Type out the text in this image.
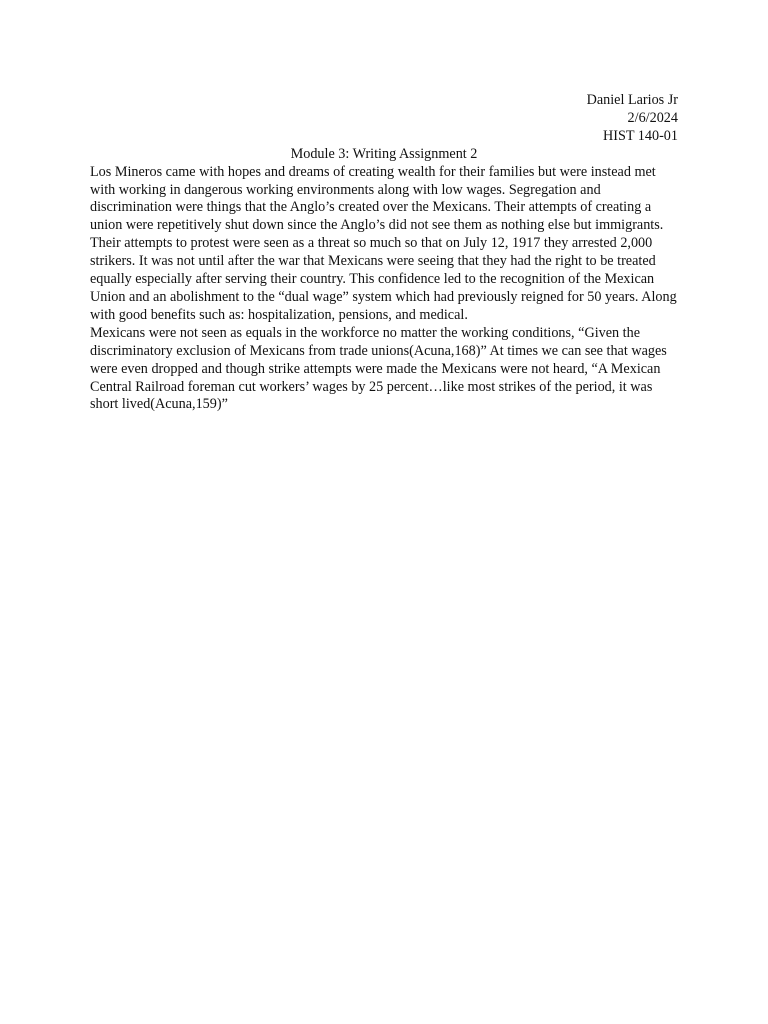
Daniel Larios Jr
2/6/2024
HIST 140-01
Module 3: Writing Assignment 2

Los Mineros came with hopes and dreams of creating wealth for their families but were instead met with working in dangerous working environments along with low wages. Segregation and discrimination were things that the Anglo’s created over the Mexicans. Their attempts of creating a union were repetitively shut down since the Anglo’s did not see them as nothing else but immigrants. Their attempts to protest were seen as a threat so much so that on July 12, 1917 they arrested 2,000 strikers. It was not until after the war that Mexicans were seeing that they had the right to be treated equally especially after serving their country. This confidence led to the recognition of the Mexican Union and an abolishment to the “dual wage” system which had previously reigned for 50 years. Along with good benefits such as: hospitalization, pensions, and medical.

Mexicans were not seen as equals in the workforce no matter the working conditions, “Given the discriminatory exclusion of Mexicans from trade unions(Acuna,168)” At times we can see that wages were even dropped and though strike attempts were made the Mexicans were not heard, “A Mexican Central Railroad foreman cut workers’ wages by 25 percent…like most strikes of the period, it was short lived(Acuna,159)”
